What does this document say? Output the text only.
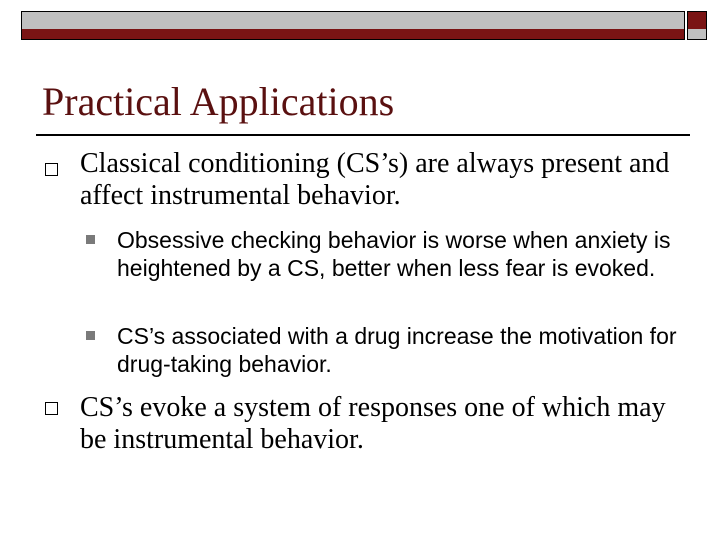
Practical Applications
Classical conditioning (CS’s) are always present and affect instrumental behavior.
Obsessive checking behavior is worse when anxiety is heightened by a CS, better when less fear is evoked.
CS’s associated with a drug increase the motivation for drug-taking behavior.
CS’s evoke a system of responses one of which may be instrumental behavior.
